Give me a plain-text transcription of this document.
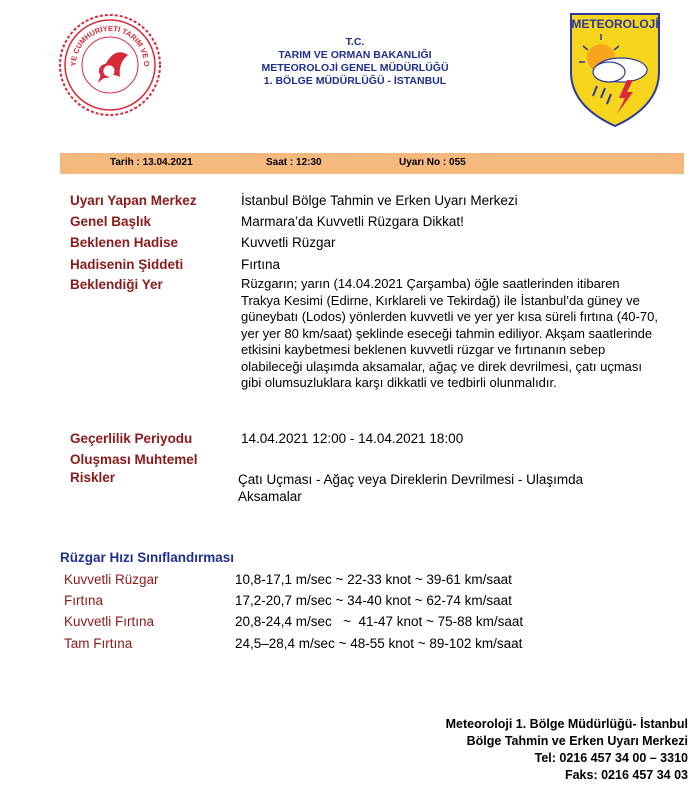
YE CUMHURİYETİ TARIM VE O
T.C.
TARIM VE ORMAN BAKANLIĞI
METEOROLOJİ GENEL MÜDÜRLÜĞÜ
1. BÖLGE MÜDÜRLÜĞÜ - İSTANBUL
METEOROLOJİ
Tarih : 13.04.2021	Saat : 12:30	Uyarı No : 055
Uyarı Yapan Merkez	İstanbul Bölge Tahmin ve Erken Uyarı Merkezi
Genel Başlık	Marmara’da Kuvvetli Rüzgara Dikkat!
Beklenen Hadise	Kuvvetli Rüzgar
Hadisenin Şiddeti	Fırtına
Beklendiği Yer	Rüzgarın; yarın (14.04.2021 Çarşamba) öğle saatlerinden itibaren Trakya Kesimi (Edirne, Kırklareli ve Tekirdağ) ile İstanbul’da güney ve güneybatı (Lodos) yönlerden kuvvetli ve yer yer kısa süreli fırtına (40-70, yer yer 80 km/saat) şeklinde eseceği tahmin ediliyor. Akşam saatlerinde etkisini kaybetmesi beklenen kuvvetli rüzgar ve fırtınanın sebep olabileceği ulaşımda aksamalar, ağaç ve direk devrilmesi, çatı uçması gibi olumsuzluklara karşı dikkatli ve tedbirli olunmalıdır.
Geçerlilik Periyodu	14.04.2021 12:00 - 14.04.2021 18:00
Oluşması Muhtemel
Riskler	Çatı Uçması - Ağaç veya Direklerin Devrilmesi - Ulaşımda Aksamalar
Rüzgar Hızı Sınıflandırması
Kuvvetli Rüzgar	10,8-17,1 m/sec ~ 22-33 knot ~ 39-61 km/saat
Fırtına	17,2-20,7 m/sec ~ 34-40 knot ~ 62-74 km/saat
Kuvvetli Fırtına	20,8-24,4 m/sec   ~  41-47 knot ~ 75-88 km/saat
Tam Fırtına	24,5–28,4 m/sec ~ 48-55 knot ~ 89-102 km/saat
Meteoroloji 1. Bölge Müdürlüğü- İstanbul
Bölge Tahmin ve Erken Uyarı Merkezi
Tel: 0216 457 34 00 – 3310
Faks: 0216 457 34 03
